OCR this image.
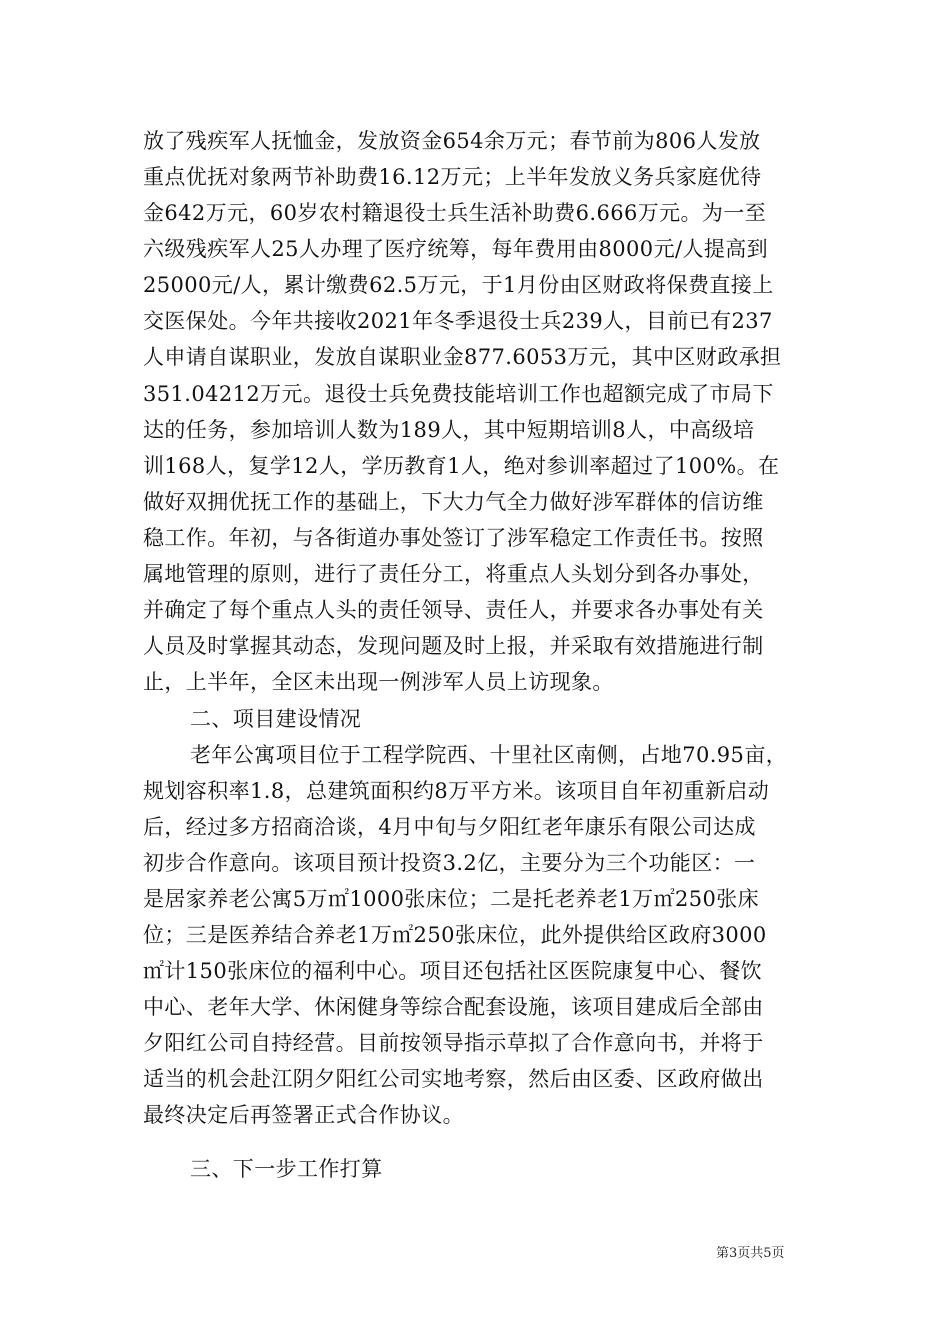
放了残疾军人抚恤金，发放资金654余万元；春节前为806人发放
重点优抚对象两节补助费16.12万元；上半年发放义务兵家庭优待
金642万元，60岁农村籍退役士兵生活补助费6.666万元。为一至
六级残疾军人25人办理了医疗统筹，每年费用由8000元/人提高到
25000元/人，累计缴费62.5万元，于1月份由区财政将保费直接上
交医保处。今年共接收2021年冬季退役士兵239人，目前已有237
人申请自谋职业，发放自谋职业金877.6053万元，其中区财政承担
351.04212万元。退役士兵免费技能培训工作也超额完成了市局下
达的任务，参加培训人数为189人，其中短期培训8人，中高级培
训168人，复学12人，学历教育1人，绝对参训率超过了100%。在
做好双拥优抚工作的基础上，下大力气全力做好涉军群体的信访维
稳工作。年初，与各街道办事处签订了涉军稳定工作责任书。按照
属地管理的原则，进行了责任分工，将重点人头划分到各办事处，
并确定了每个重点人头的责任领导、责任人，并要求各办事处有关
人员及时掌握其动态，发现问题及时上报，并采取有效措施进行制
止，上半年，全区未出现一例涉军人员上访现象。
二、项目建设情况
老年公寓项目位于工程学院西、十里社区南侧，占地70.95亩，
规划容积率1.8，总建筑面积约8万平方米。该项目自年初重新启动
后，经过多方招商洽谈，4月中旬与夕阳红老年康乐有限公司达成
初步合作意向。该项目预计投资3.2亿，主要分为三个功能区：一
是居家养老公寓5万㎡1000张床位；二是托老养老1万㎡250张床
位；三是医养结合养老1万㎡250张床位，此外提供给区政府3000
㎡计150张床位的福利中心。项目还包括社区医院康复中心、餐饮
中心、老年大学、休闲健身等综合配套设施，该项目建成后全部由
夕阳红公司自持经营。目前按领导指示草拟了合作意向书，并将于
适当的机会赴江阴夕阳红公司实地考察，然后由区委、区政府做出
最终决定后再签署正式合作协议。
三、下一步工作打算
第3页共5页
